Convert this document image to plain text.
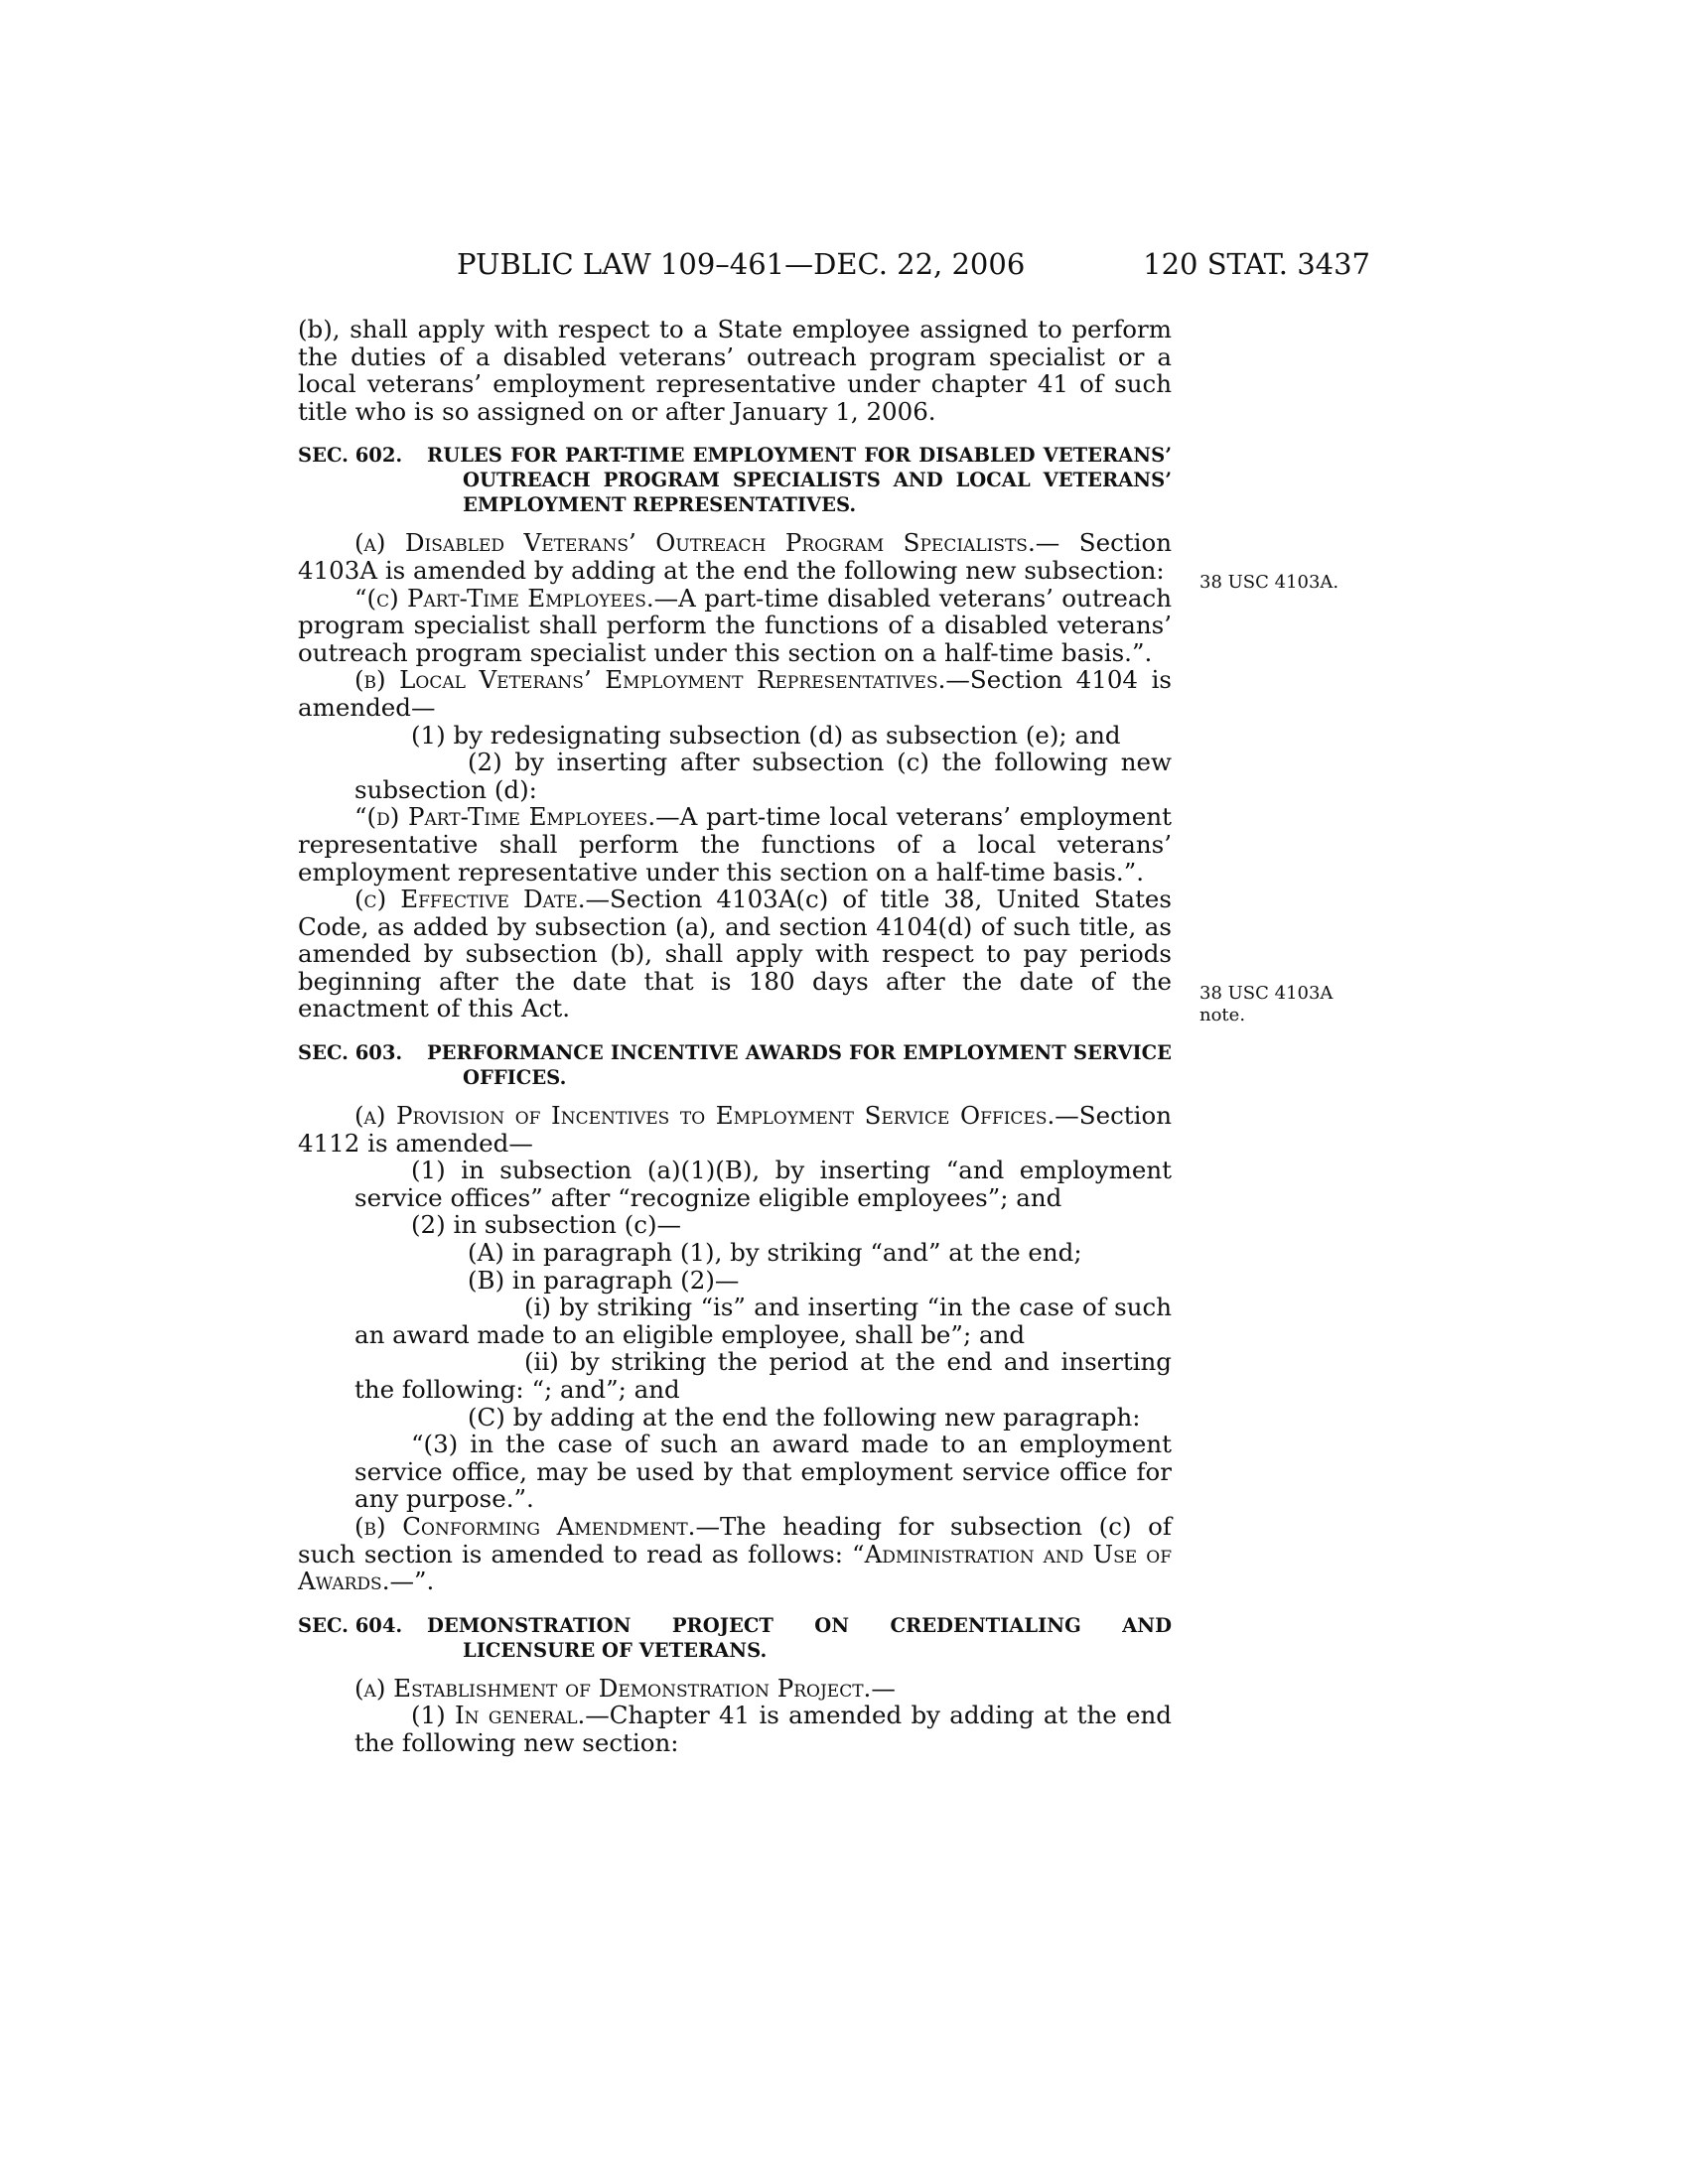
PUBLIC LAW 109–461—DEC. 22, 2006	120 STAT. 3437
38 USC 4103A.
38 USC 4103A
note.

(b), shall apply with respect to a State employee assigned to perform the duties of a disabled veterans’ outreach program specialist or a local veterans’ employment representative under chapter 41 of such title who is so assigned on or after January 1, 2006.

SEC. 602. RULES FOR PART-TIME EMPLOYMENT FOR DISABLED VETERANS’ OUTREACH PROGRAM SPECIALISTS AND LOCAL VETERANS’ EMPLOYMENT REPRESENTATIVES.

(a) Disabled Veterans’ Outreach Program Specialists.— Section 4103A is amended by adding at the end the following new subsection:

“(c) Part-Time Employees.—A part-time disabled veterans’ outreach program specialist shall perform the functions of a disabled veterans’ outreach program specialist under this section on a half-time basis.”.

(b) Local Veterans’ Employment Representatives.—Section 4104 is amended—

(1) by redesignating subsection (d) as subsection (e); and

(2) by inserting after subsection (c) the following new subsection (d):

“(d) Part-Time Employees.—A part-time local veterans’ employment representative shall perform the functions of a local veterans’ employment representative under this section on a half-time basis.”.

(c) Effective Date.—Section 4103A(c) of title 38, United States Code, as added by subsection (a), and section 4104(d) of such title, as amended by subsection (b), shall apply with respect to pay periods beginning after the date that is 180 days after the date of the enactment of this Act.

SEC. 603. PERFORMANCE INCENTIVE AWARDS FOR EMPLOYMENT SERVICE OFFICES.

(a) Provision of Incentives to Employment Service Offices.—Section 4112 is amended—

(1) in subsection (a)(1)(B), by inserting “and employment service offices” after “recognize eligible employees”; and

(2) in subsection (c)—

(A) in paragraph (1), by striking “and” at the end;

(B) in paragraph (2)—

(i) by striking “is” and inserting “in the case of such an award made to an eligible employee, shall be”; and

(ii) by striking the period at the end and inserting the following: “; and”; and

(C) by adding at the end the following new paragraph:

“(3) in the case of such an award made to an employment service office, may be used by that employment service office for any purpose.”.

(b) Conforming Amendment.—The heading for subsection (c) of such section is amended to read as follows: “Administration and Use of Awards.—”.

SEC. 604. DEMONSTRATION PROJECT ON CREDENTIALING AND LICENSURE OF VETERANS.

(a) Establishment of Demonstration Project.—

(1) In general.—Chapter 41 is amended by adding at the end the following new section:
